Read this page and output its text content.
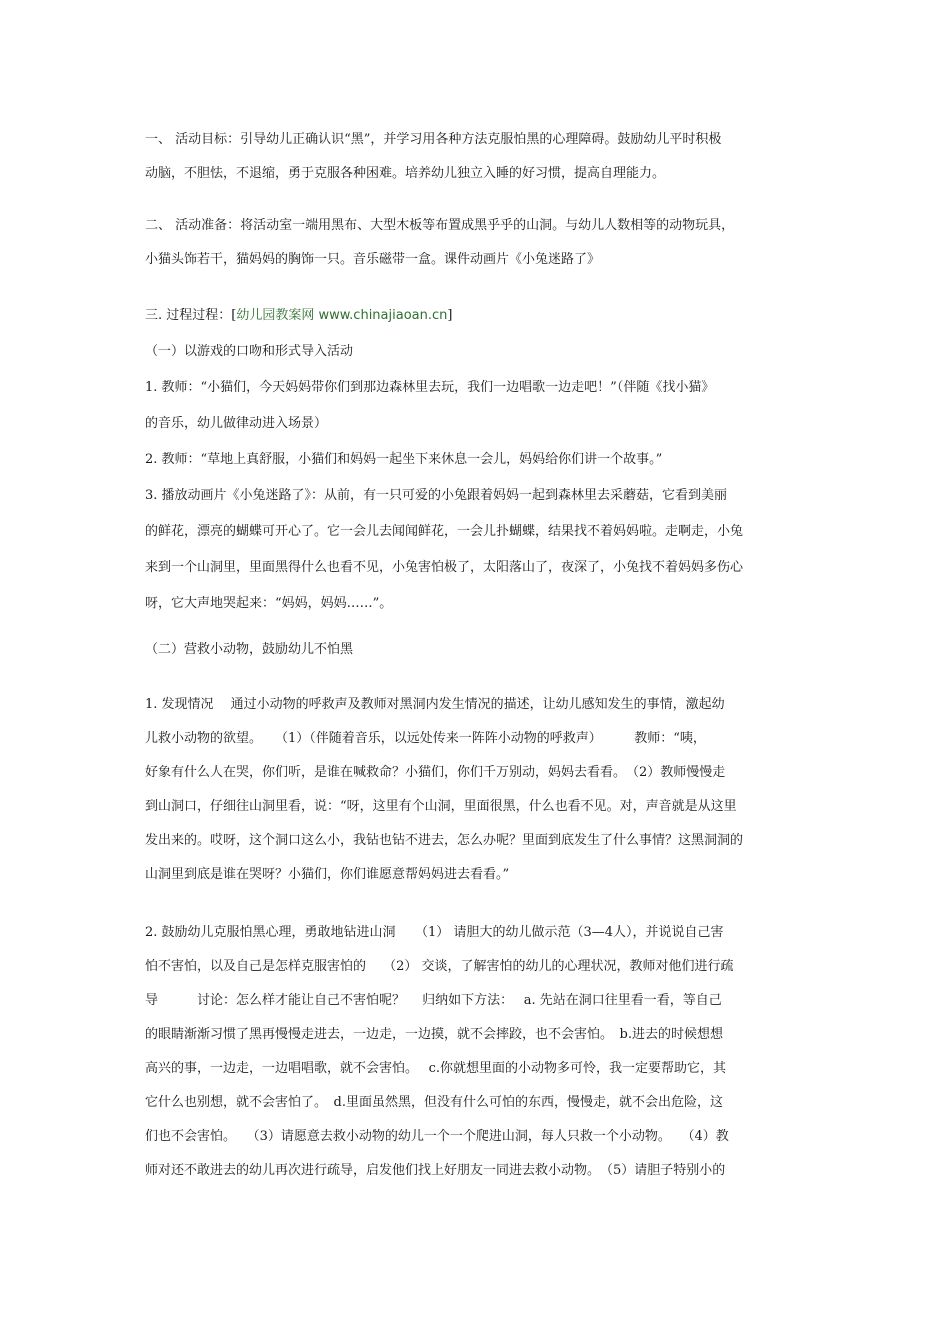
一、 活动目标：引导幼儿正确认识“黑”，并学习用各种方法克服怕黑的心理障碍。鼓励幼儿平时积极

动脑，不胆怯，不退缩，勇于克服各种困难。培养幼儿独立入睡的好习惯，提高自理能力。

二、 活动准备：将活动室一端用黑布、大型木板等布置成黑乎乎的山洞。与幼儿人数相等的动物玩具，

小猫头饰若干，猫妈妈的胸饰一只。音乐磁带一盒。课件动画片《小兔迷路了》

三. 过程过程：[幼儿园教案网 www.chinajiaoan.cn]

（一）以游戏的口吻和形式导入活动

1. 教师：“小猫们，今天妈妈带你们到那边森林里去玩，我们一边唱歌一边走吧！”（伴随《找小猫》

的音乐，幼儿做律动进入场景）

2. 教师：“草地上真舒服，小猫们和妈妈一起坐下来休息一会儿，妈妈给你们讲一个故事。”

3. 播放动画片《小兔迷路了》：从前，有一只可爱的小兔跟着妈妈一起到森林里去采蘑菇，它看到美丽

的鲜花，漂亮的蝴蝶可开心了。它一会儿去闻闻鲜花，一会儿扑蝴蝶，结果找不着妈妈啦。走啊走，小兔

来到一个山洞里，里面黑得什么也看不见，小兔害怕极了，太阳落山了，夜深了，小兔找不着妈妈多伤心

呀，它大声地哭起来：“妈妈，妈妈……”。

（二）营救小动物，鼓励幼儿不怕黑

1. 发现情况　 通过小动物的呼救声及教师对黑洞内发生情况的描述，让幼儿感知发生的事情，激起幼

儿救小动物的欲望。　　（1）（伴随着音乐，以远处传来一阵阵小动物的呼救声）　　　教师：“咦，

好象有什么人在哭，你们听，是谁在喊救命？小猫们，你们千万别动，妈妈去看看。　（2）教师慢慢走

到山洞口，仔细往山洞里看，说：“呀，这里有个山洞，里面很黑，什么也看不见。对，声音就是从这里

发出来的。哎呀，这个洞口这么小，我钻也钻不进去，怎么办呢？里面到底发生了什么事情？这黑洞洞的

山洞里到底是谁在哭呀？小猫们，你们谁愿意帮妈妈进去看看。”

2. 鼓励幼儿克服怕黑心理，勇敢地钻进山洞　　（1） 请胆大的幼儿做示范（3—4人），并说说自己害

怕不害怕，以及自己是怎样克服害怕的　 （2） 交谈，了解害怕的幼儿的心理状况，教师对他们进行疏

导　　　讨论：怎么样才能让自己不害怕呢？　 归纳如下方法：　 a. 先站在洞口往里看一看，等自己

的眼睛渐渐习惯了黑再慢慢走进去，一边走，一边摸，就不会摔跤，也不会害怕。　b.进去的时候想想

高兴的事，一边走，一边唱唱歌，就不会害怕。　 c.你就想里面的小动物多可怜，我一定要帮助它，其

它什么也别想，就不会害怕了。　d.里面虽然黑，但没有什么可怕的东西，慢慢走，就不会出危险，这

们也不会害怕。　 （3）请愿意去救小动物的幼儿一个一个爬进山洞，每人只救一个小动物。　 （4）教

师对还不敢进去的幼儿再次进行疏导，启发他们找上好朋友一同进去救小动物。　（5）请胆子特别小的
